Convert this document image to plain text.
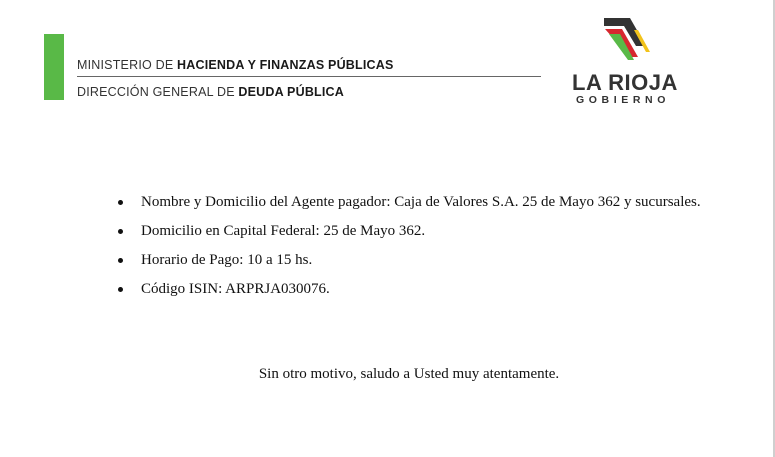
MINISTERIO DE HACIENDA Y FINANZAS PÚBLICAS
DIRECCIÓN GENERAL DE DEUDA PÚBLICA	LA RIOJA
GOBIERNO
Nombre y Domicilio del Agente pagador: Caja de Valores S.A. 25 de Mayo 362 y sucursales.
Domicilio en Capital Federal: 25 de Mayo 362.
Horario de Pago: 10 a 15 hs.
Código ISIN: ARPRJA030076.
Sin otro motivo, saludo a Usted muy atentamente.
